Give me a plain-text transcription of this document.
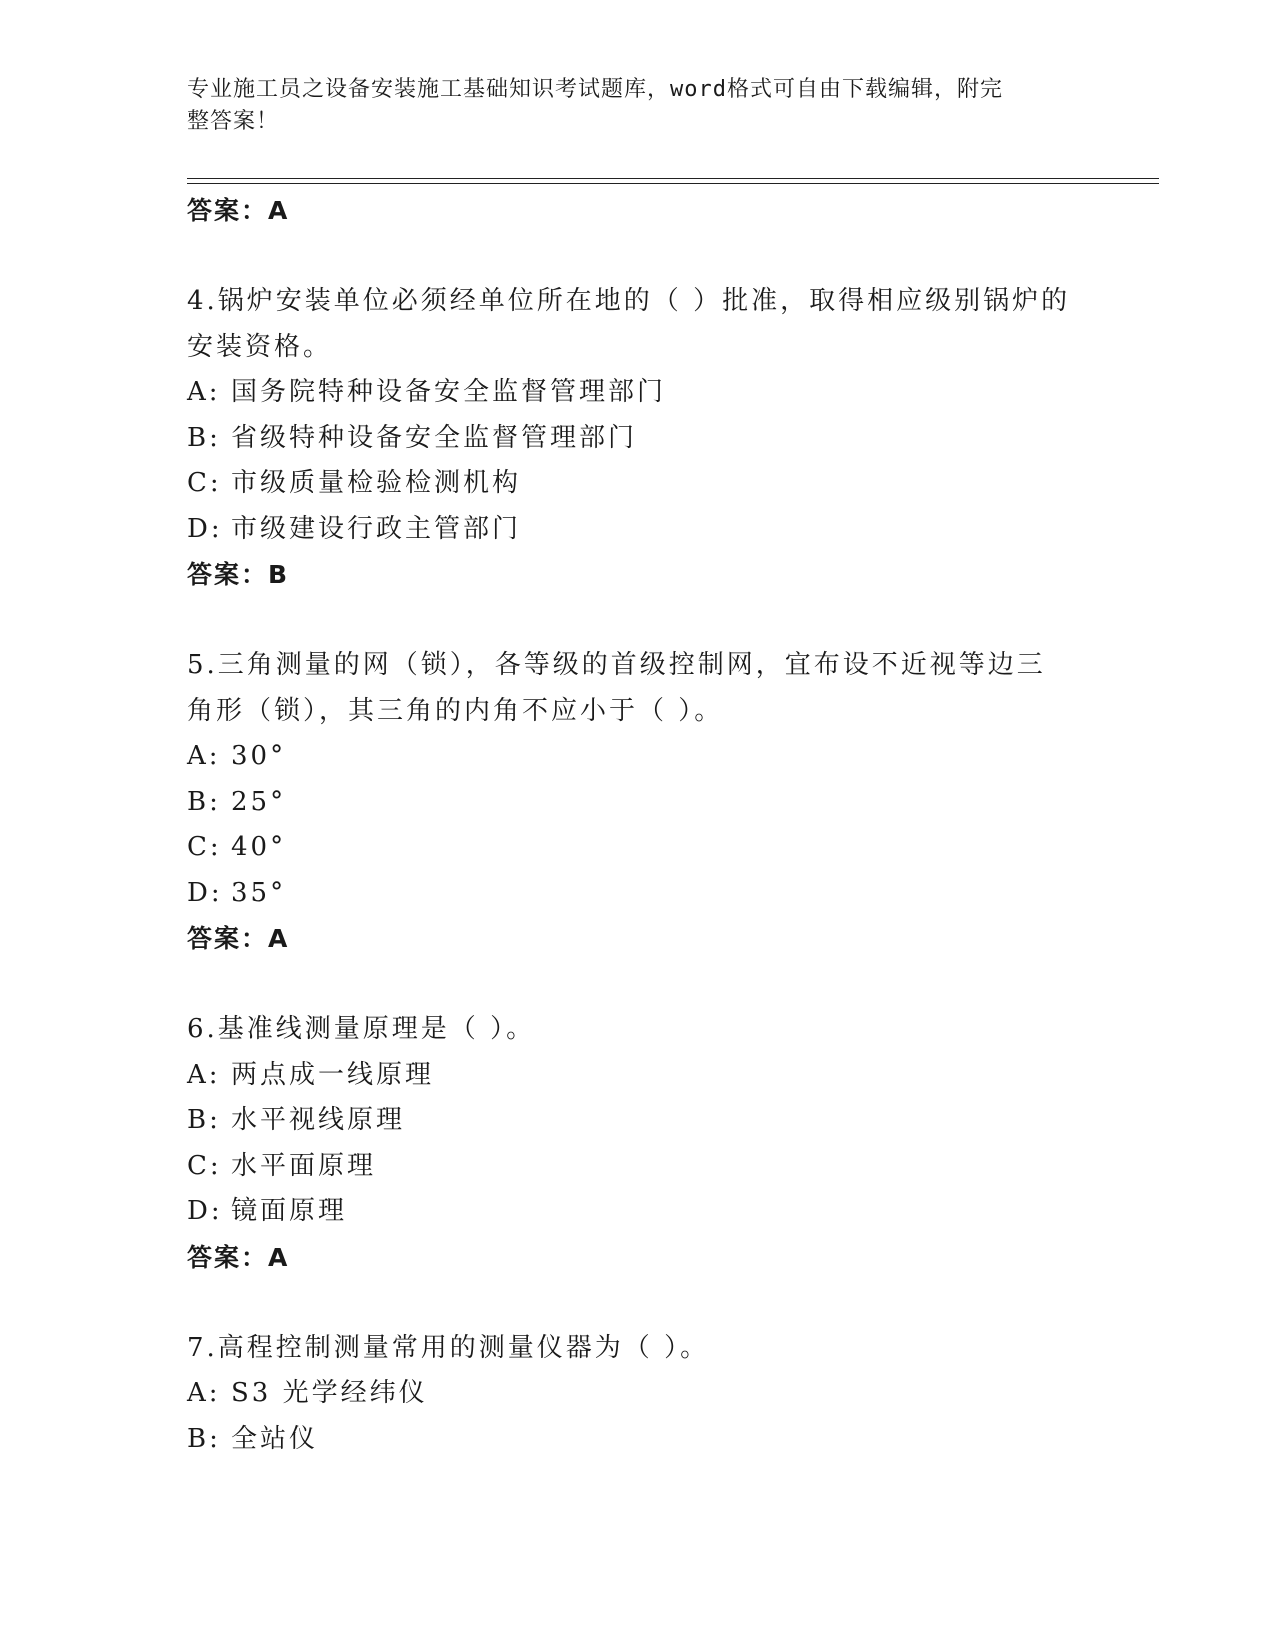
专业施工员之设备安装施工基础知识考试题库，word格式可自由下载编辑，附完
整答案！
答案：A
4.锅炉安装单位必须经单位所在地的（ ）批准，取得相应级别锅炉的
安装资格。
A: 国务院特种设备安全监督管理部门
B: 省级特种设备安全监督管理部门
C: 市级质量检验检测机构
D: 市级建设行政主管部门
答案：B
5.三角测量的网（锁），各等级的首级控制网，宜布设不近视等边三
角形（锁），其三角的内角不应小于（ ）。
A: 30°
B: 25°
C: 40°
D: 35°
答案：A
6.基准线测量原理是（ ）。
A: 两点成一线原理
B: 水平视线原理
C: 水平面原理
D: 镜面原理
答案：A
7.高程控制测量常用的测量仪器为（ ）。
A: S3 光学经纬仪
B: 全站仪
